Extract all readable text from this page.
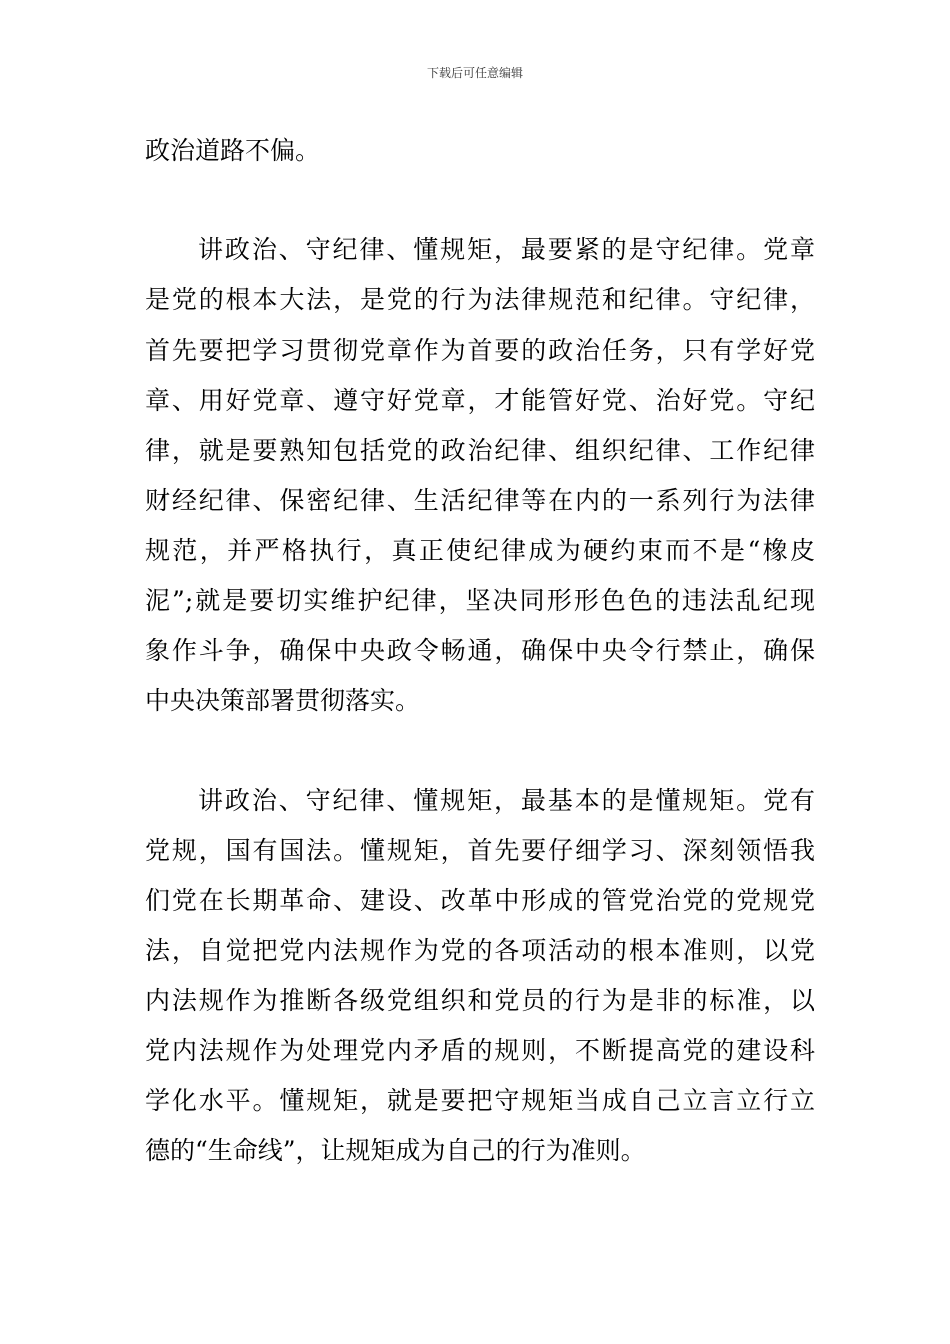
下载后可任意编辑

政治道路不偏。

讲政治、守纪律、懂规矩，最要紧的是守纪律。党章

是党的根本大法，是党的行为法律规范和纪律。守纪律，

首先要把学习贯彻党章作为首要的政治任务，只有学好党

章、用好党章、遵守好党章，才能管好党、治好党。守纪

律，就是要熟知包括党的政治纪律、组织纪律、工作纪律

财经纪律、保密纪律、生活纪律等在内的一系列行为法律

规范，并严格执行，真正使纪律成为硬约束而不是“橡皮

泥”;就是要切实维护纪律，坚决同形形色色的违法乱纪现

象作斗争，确保中央政令畅通，确保中央令行禁止，确保

中央决策部署贯彻落实。

讲政治、守纪律、懂规矩，最基本的是懂规矩。党有

党规，国有国法。懂规矩，首先要仔细学习、深刻领悟我

们党在长期革命、建设、改革中形成的管党治党的党规党

法，自觉把党内法规作为党的各项活动的根本准则，以党

内法规作为推断各级党组织和党员的行为是非的标准，以

党内法规作为处理党内矛盾的规则，不断提高党的建设科

学化水平。懂规矩，就是要把守规矩当成自己立言立行立

德的“生命线”，让规矩成为自己的行为准则。
